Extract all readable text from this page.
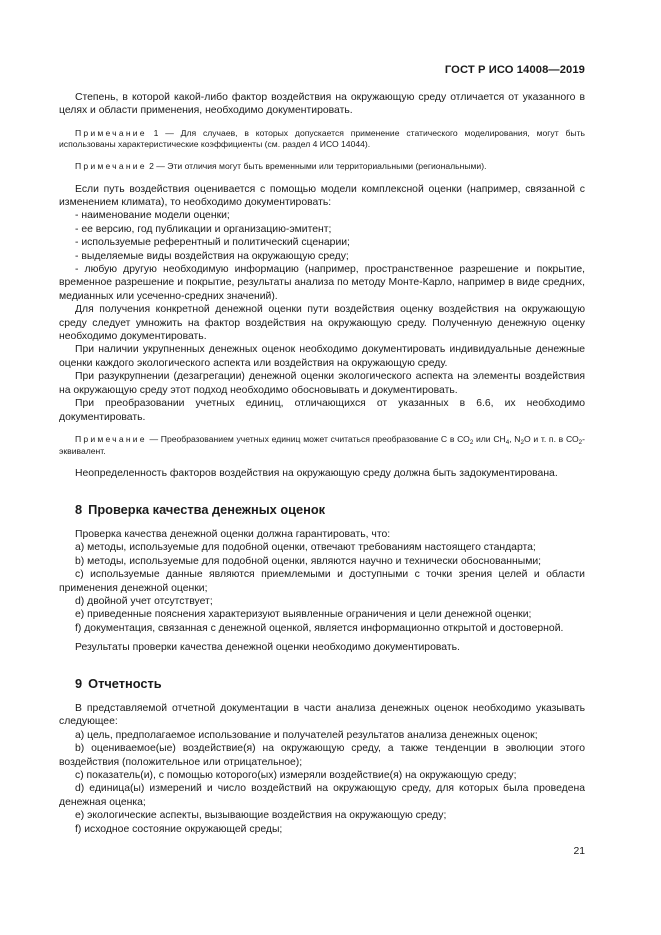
ГОСТ Р ИСО 14008—2019

Степень, в которой какой-либо фактор воздействия на окружающую среду отличается от указанного в целях и области применения, необходимо документировать.

Примечание 1 — Для случаев, в которых допускается применение статического моделирования, могут быть использованы характеристические коэффициенты (см. раздел 4 ИСО 14044).

Примечание 2 — Эти отличия могут быть временными или территориальными (региональными).

Если путь воздействия оценивается с помощью модели комплексной оценки (например, связанной с изменением климата), то необходимо документировать:

- наименование модели оценки;

- ее версию, год публикации и организацию-эмитент;

- используемые референтный и политический сценарии;

- выделяемые виды воздействия на окружающую среду;

- любую другую необходимую информацию (например, пространственное разрешение и покрытие, временное разрешение и покрытие, результаты анализа по методу Монте-Карло, например в виде средних, медианных или усеченно-средних значений).

Для получения конкретной денежной оценки пути воздействия оценку воздействия на окружающую среду следует умножить на фактор воздействия на окружающую среду. Полученную денежную оценку необходимо документировать.

При наличии укрупненных денежных оценок необходимо документировать индивидуальные денежные оценки каждого экологического аспекта или воздействия на окружающую среду.

При разукрупнении (дезагрегации) денежной оценки экологического аспекта на элементы воздействия на окружающую среду этот подход необходимо обосновывать и документировать.

При преобразовании учетных единиц, отличающихся от указанных в 6.6, их необходимо документировать.

Примечание — Преобразованием учетных единиц может считаться преобразование С в $СО_2$ или $СН_4$, $N_2O$ и т. п. в $СО_2$-эквивалент.

Неопределенность факторов воздействия на окружающую среду должна быть задокументирована.

8 Проверка качества денежных оценок

Проверка качества денежной оценки должна гарантировать, что:

a) методы, используемые для подобной оценки, отвечают требованиям настоящего стандарта;

b) методы, используемые для подобной оценки, являются научно и технически обоснованными;

c) используемые данные являются приемлемыми и доступными с точки зрения целей и области применения денежной оценки;

d) двойной учет отсутствует;

e) приведенные пояснения характеризуют выявленные ограничения и цели денежной оценки;

f) документация, связанная с денежной оценкой, является информационно открытой и достоверной.

Результаты проверки качества денежной оценки необходимо документировать.

9 Отчетность

В представляемой отчетной документации в части анализа денежных оценок необходимо указывать следующее:

a) цель, предполагаемое использование и получателей результатов анализа денежных оценок;

b) оцениваемое(ые) воздействие(я) на окружающую среду, а также тенденции в эволюции этого воздействия (положительное или отрицательное);

c) показатель(и), с помощью которого(ых) измеряли воздействие(я) на окружающую среду;

d) единица(ы) измерений и число воздействий на окружающую среду, для которых была проведена денежная оценка;

e) экологические аспекты, вызывающие воздействия на окружающую среду;

f) исходное состояние окружающей среды;

21
